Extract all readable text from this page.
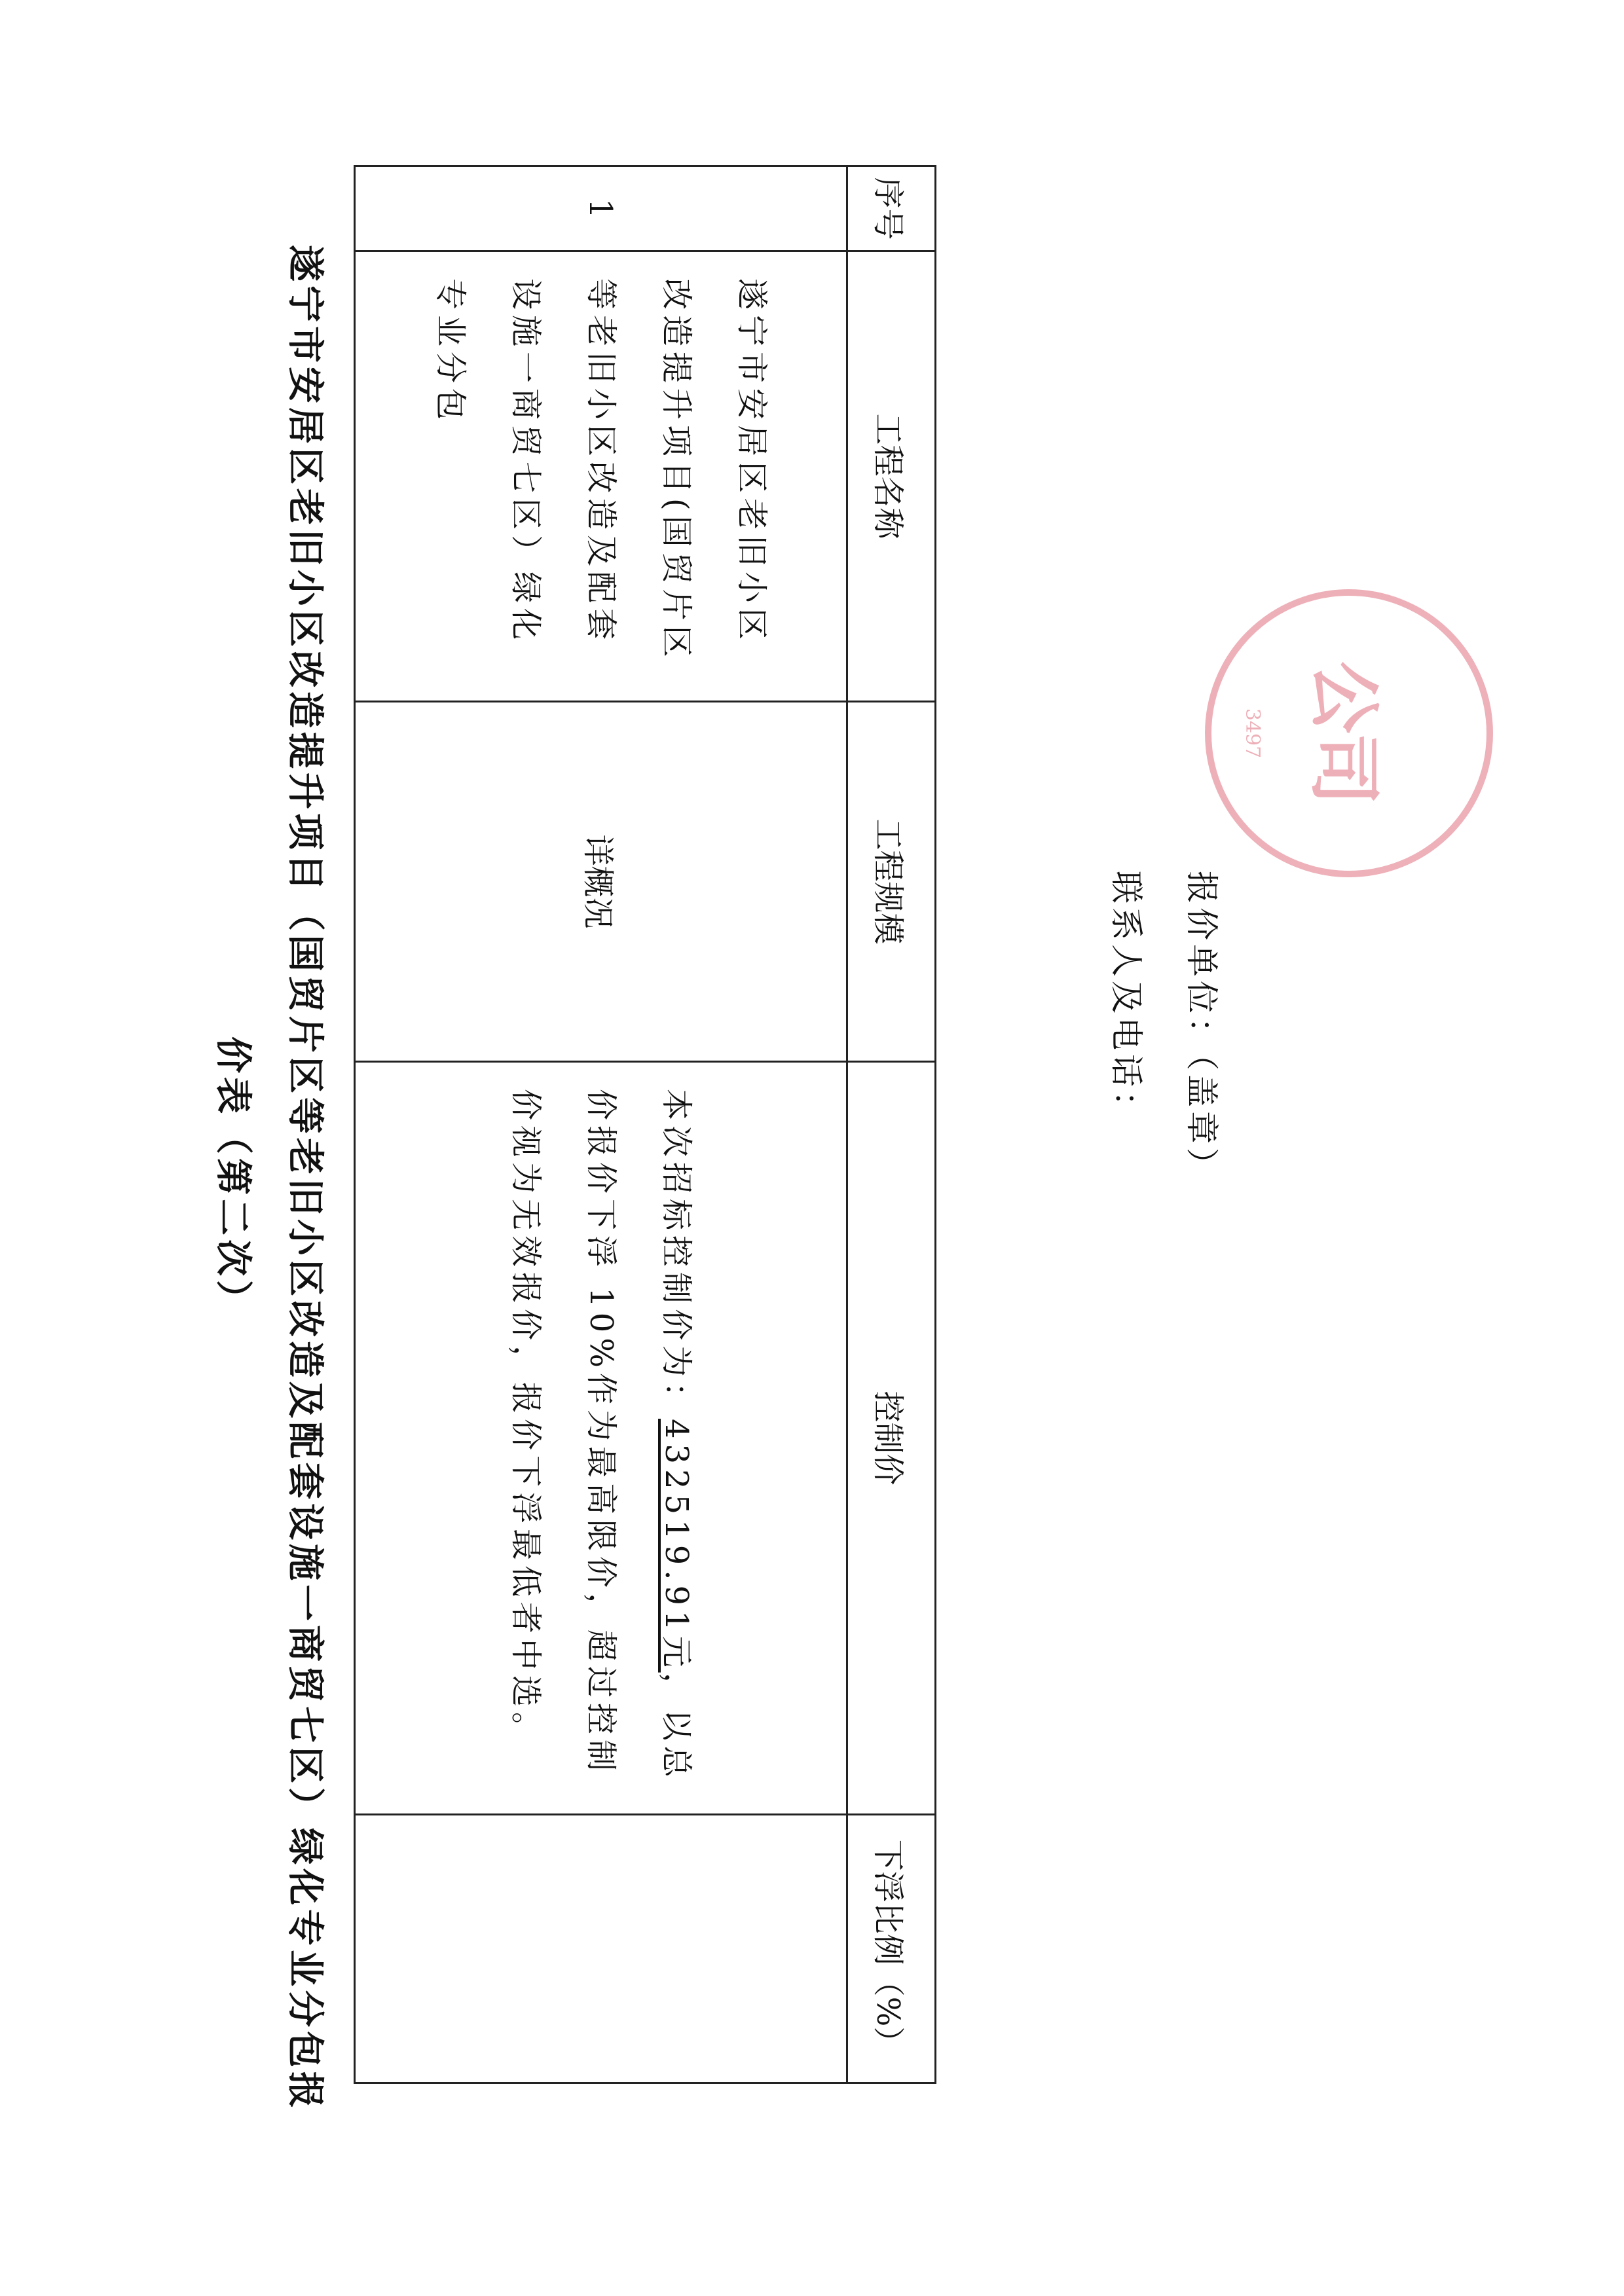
遂宁市安居区老旧小区改造提升项目（国贸片区等老旧小区改造及配套设施一商贸七区）绿化专业分包报
价表（第二次）
序号	工程名称	工程规模	控制价	下浮比例（%）
1	遂宁市安居区老旧小区改造提升项目(国贸片区等老旧小区改造及配套设施一商贸七区）绿化专业分包	详概况	本次招标控制价为：432519.91元，以总价报价下浮 10%作为最高限价，超过控制价视为无效报价，报价下浮最低者中选。	
联系人及电话： 报价单位：（盖章）
公司
3497
